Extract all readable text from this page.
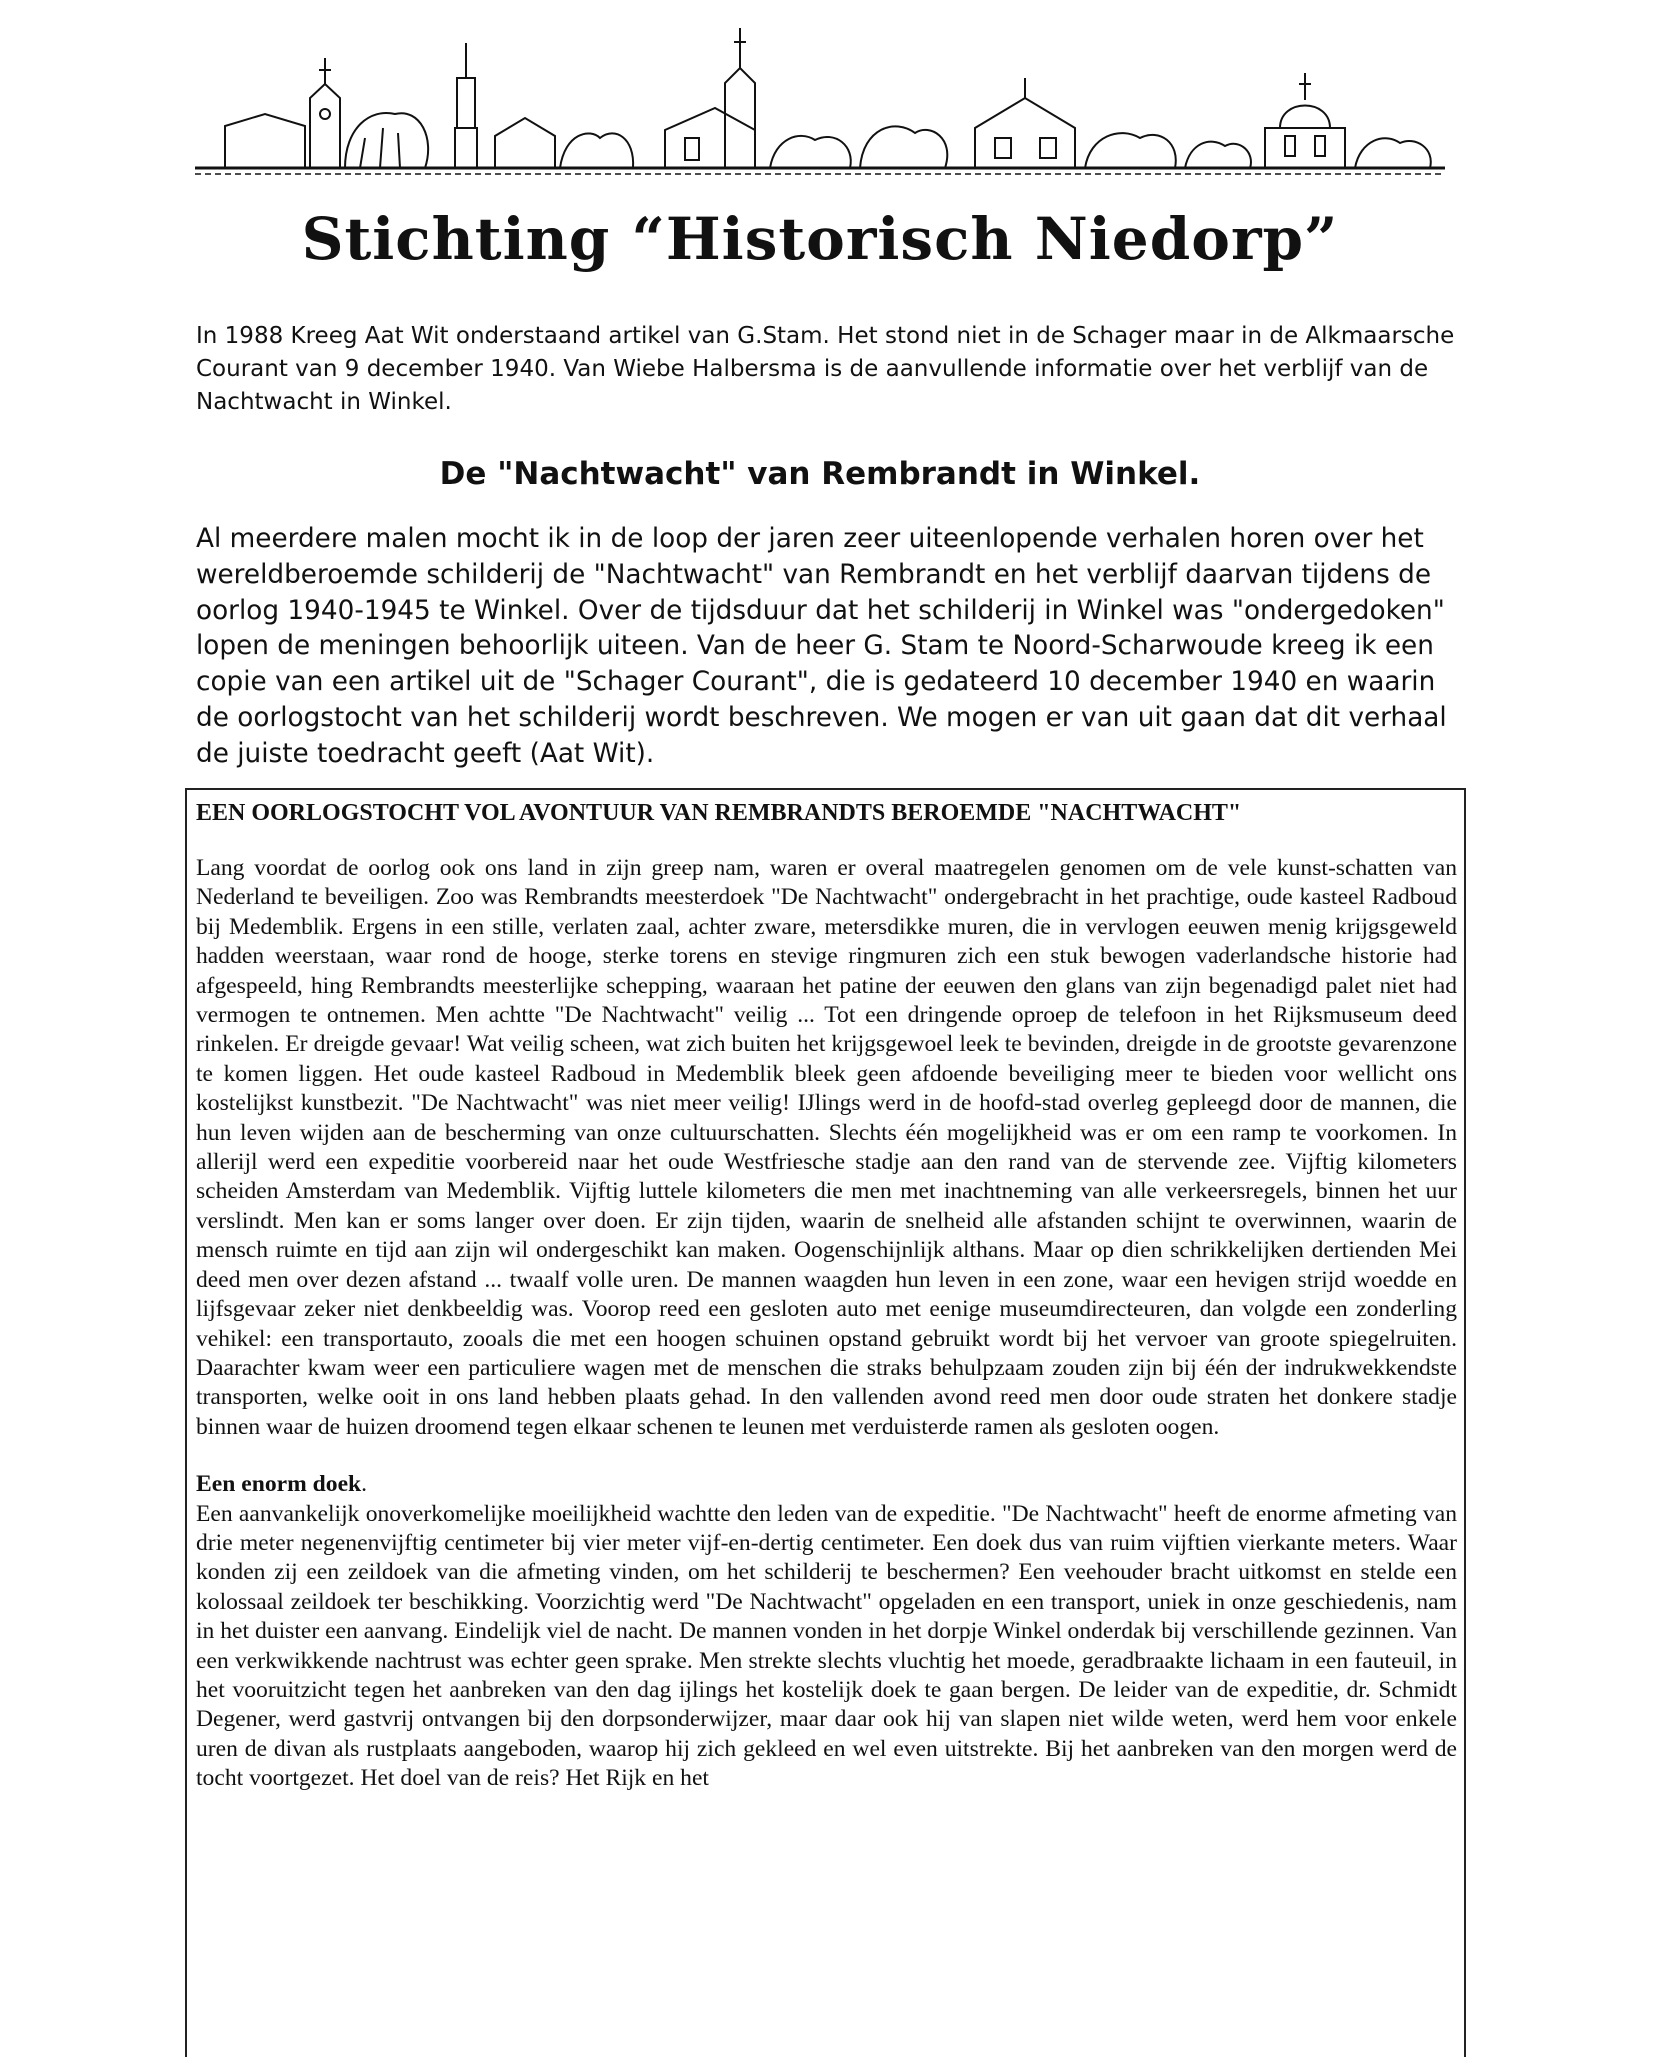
Stichting “Historisch Niedorp”

In 1988 Kreeg Aat Wit onderstaand artikel van G.Stam. Het stond niet in de Schager maar in de Alkmaarsche Courant van 9 december 1940. Van Wiebe Halbersma is de aanvullende informatie over het verblijf van de Nachtwacht in Winkel.

De "Nachtwacht" van Rembrandt in Winkel.

Al meerdere malen mocht ik in de loop der jaren zeer uiteenlopende verhalen horen over het wereldberoemde schilderij de "Nachtwacht" van Rembrandt en het verblijf daarvan tijdens de oorlog 1940-1945 te Winkel. Over de tijdsduur dat het schilderij in Winkel was "ondergedoken" lopen de meningen behoorlijk uiteen. Van de heer G. Stam te Noord-Scharwoude kreeg ik een copie van een artikel uit de "Schager Courant", die is gedateerd 10 december 1940 en waarin de oorlogstocht van het schilderij wordt beschreven. We mogen er van uit gaan dat dit verhaal de juiste toedracht geeft (Aat Wit).

EEN OORLOGSTOCHT VOL AVONTUUR VAN REMBRANDTS BEROEMDE "NACHTWACHT"

Lang voordat de oorlog ook ons land in zijn greep nam, waren er overal maatregelen genomen om de vele kunst-schatten van Nederland te beveiligen. Zoo was Rembrandts meesterdoek "De Nachtwacht" ondergebracht in het prachtige, oude kasteel Radboud bij Medemblik. Ergens in een stille, verlaten zaal, achter zware, metersdikke muren, die in vervlogen eeuwen menig krijgsgeweld hadden weerstaan, waar rond de hooge, sterke torens en stevige ringmuren zich een stuk bewogen vaderlandsche historie had afgespeeld, hing Rembrandts meesterlijke schepping, waaraan het patine der eeuwen den glans van zijn begenadigd palet niet had vermogen te ontnemen. Men achtte "De Nachtwacht" veilig ... Tot een dringende oproep de telefoon in het Rijksmuseum deed rinkelen. Er dreigde gevaar! Wat veilig scheen, wat zich buiten het krijgsgewoel leek te bevinden, dreigde in de grootste gevarenzone te komen liggen. Het oude kasteel Radboud in Medemblik bleek geen afdoende beveiliging meer te bieden voor wellicht ons kostelijkst kunstbezit. "De Nachtwacht" was niet meer veilig! IJlings werd in de hoofd-stad overleg gepleegd door de mannen, die hun leven wijden aan de bescherming van onze cultuurschatten. Slechts één mogelijkheid was er om een ramp te voorkomen. In allerijl werd een expeditie voorbereid naar het oude Westfriesche stadje aan den rand van de stervende zee. Vijftig kilometers scheiden Amsterdam van Medemblik. Vijftig luttele kilometers die men met inachtneming van alle verkeersregels, binnen het uur verslindt. Men kan er soms langer over doen. Er zijn tijden, waarin de snelheid alle afstanden schijnt te overwinnen, waarin de mensch ruimte en tijd aan zijn wil ondergeschikt kan maken. Oogenschijnlijk althans. Maar op dien schrikkelijken dertienden Mei deed men over dezen afstand ... twaalf volle uren. De mannen waagden hun leven in een zone, waar een hevigen strijd woedde en lijfsgevaar zeker niet denkbeeldig was. Voorop reed een gesloten auto met eenige museumdirecteuren, dan volgde een zonderling vehikel: een transportauto, zooals die met een hoogen schuinen opstand gebruikt wordt bij het vervoer van groote spiegelruiten. Daarachter kwam weer een particuliere wagen met de menschen die straks behulpzaam zouden zijn bij één der indrukwekkendste transporten, welke ooit in ons land hebben plaats gehad. In den vallenden avond reed men door oude straten het donkere stadje binnen waar de huizen droomend tegen elkaar schenen te leunen met verduisterde ramen als gesloten oogen.

Een enorm doek.

Een aanvankelijk onoverkomelijke moeilijkheid wachtte den leden van de expeditie. "De Nachtwacht" heeft de enorme afmeting van drie meter negenenvijftig centimeter bij vier meter vijf-en-dertig centimeter. Een doek dus van ruim vijftien vierkante meters. Waar konden zij een zeildoek van die afmeting vinden, om het schilderij te beschermen? Een veehouder bracht uitkomst en stelde een kolossaal zeildoek ter beschikking. Voorzichtig werd "De Nachtwacht" opgeladen en een transport, uniek in onze geschiedenis, nam in het duister een aanvang. Eindelijk viel de nacht. De mannen vonden in het dorpje Winkel onderdak bij verschillende gezinnen. Van een verkwikkende nachtrust was echter geen sprake. Men strekte slechts vluchtig het moede, geradbraakte lichaam in een fauteuil, in het vooruitzicht tegen het aanbreken van den dag ijlings het kostelijk doek te gaan bergen. De leider van de expeditie, dr. Schmidt Degener, werd gastvrij ontvangen bij den dorpsonderwijzer, maar daar ook hij van slapen niet wilde weten, werd hem voor enkele uren de divan als rustplaats aangeboden, waarop hij zich gekleed en wel even uitstrekte. Bij het aanbreken van den morgen werd de tocht voortgezet. Het doel van de reis? Het Rijk en het
